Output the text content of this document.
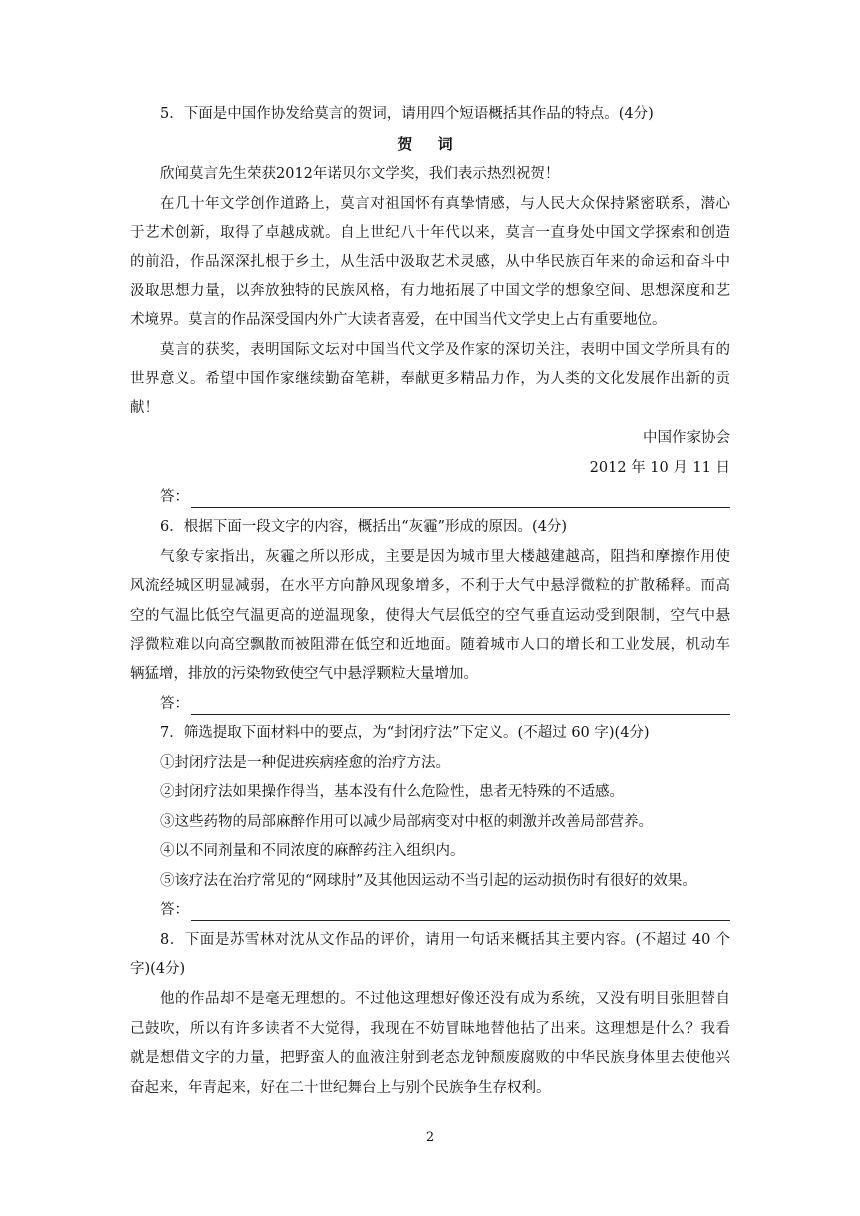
5．下面是中国作协发给莫言的贺词，请用四个短语概括其作品的特点。(4分)
贺 词
欣闻莫言先生荣获2012年诺贝尔文学奖，我们表示热烈祝贺！
在几十年文学创作道路上，莫言对祖国怀有真挚情感，与人民大众保持紧密联系，潜心
于艺术创新，取得了卓越成就。自上世纪八十年代以来，莫言一直身处中国文学探索和创造
的前沿，作品深深扎根于乡土，从生活中汲取艺术灵感，从中华民族百年来的命运和奋斗中
汲取思想力量，以奔放独特的民族风格，有力地拓展了中国文学的想象空间、思想深度和艺
术境界。莫言的作品深受国内外广大读者喜爱，在中国当代文学史上占有重要地位。
莫言的获奖，表明国际文坛对中国当代文学及作家的深切关注，表明中国文学所具有的
世界意义。希望中国作家继续勤奋笔耕，奉献更多精品力作，为人类的文化发展作出新的贡
献！
中国作家协会
2012 年 10 月 11 日
答：
6．根据下面一段文字的内容，概括出“灰霾”形成的原因。(4分)
气象专家指出，灰霾之所以形成，主要是因为城市里大楼越建越高，阻挡和摩擦作用使
风流经城区明显减弱，在水平方向静风现象增多，不利于大气中悬浮微粒的扩散稀释。而高
空的气温比低空气温更高的逆温现象，使得大气层低空的空气垂直运动受到限制，空气中悬
浮微粒难以向高空飘散而被阻滞在低空和近地面。随着城市人口的增长和工业发展，机动车
辆猛增，排放的污染物致使空气中悬浮颗粒大量增加。
答：
7．筛选提取下面材料中的要点，为“封闭疗法”下定义。(不超过 60 字)(4分)
①封闭疗法是一种促进疾病痊愈的治疗方法。
②封闭疗法如果操作得当，基本没有什么危险性，患者无特殊的不适感。
③这些药物的局部麻醉作用可以减少局部病变对中枢的刺激并改善局部营养。
④以不同剂量和不同浓度的麻醉药注入组织内。
⑤该疗法在治疗常见的“网球肘”及其他因运动不当引起的运动损伤时有很好的效果。
答：
8．下面是苏雪林对沈从文作品的评价，请用一句话来概括其主要内容。(不超过 40 个
字)(4分)
他的作品却不是毫无理想的。不过他这理想好像还没有成为系统，又没有明目张胆替自
己鼓吹，所以有许多读者不大觉得，我现在不妨冒昧地替他拈了出来。这理想是什么？我看
就是想借文字的力量，把野蛮人的血液注射到老态龙钟颓废腐败的中华民族身体里去使他兴
奋起来，年青起来，好在二十世纪舞台上与别个民族争生存权利。
2
